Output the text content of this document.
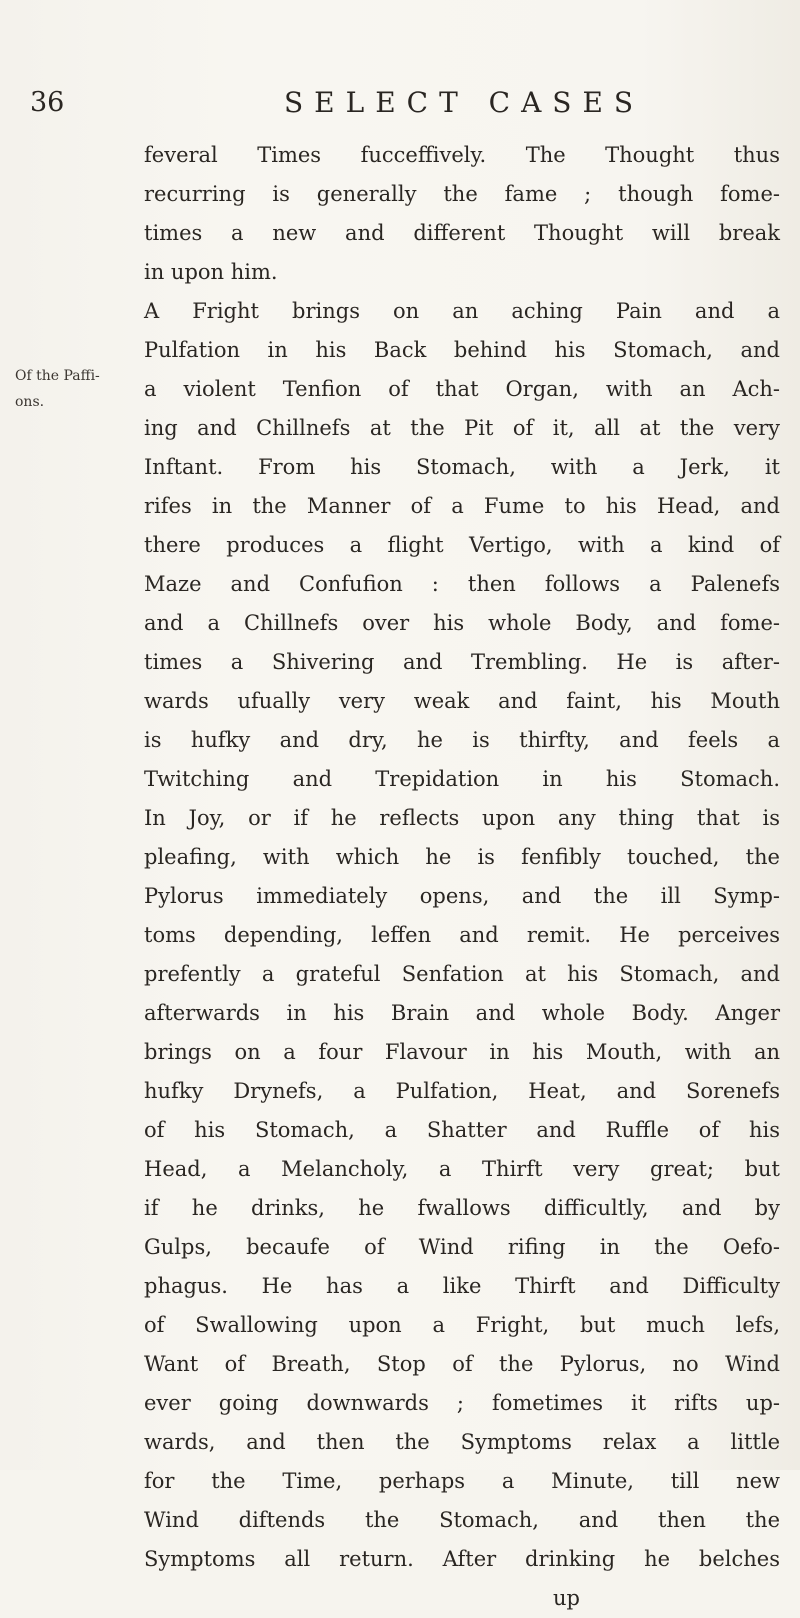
36	SELECT CASES
Of the Paffi-
ons.
feveral Times fucceffively. The Thought thus
recurring is generally the fame ; though fome-
times a new and different Thought will break
in upon him.
A Fright brings on an aching Pain and a
Pulfation in his Back behind his Stomach, and
a violent Tenfion of that Organ, with an Ach-
ing and Chillnefs at the Pit of it, all at the very
Inftant. From his Stomach, with a Jerk, it
rifes in the Manner of a Fume to his Head, and
there produces a flight Vertigo, with a kind of
Maze and Confufion : then follows a Palenefs
and a Chillnefs over his whole Body, and fome-
times a Shivering and Trembling. He is after-
wards ufually very weak and faint, his Mouth
is hufky and dry, he is thirfty, and feels a
Twitching and Trepidation in his Stomach.
In Joy, or if he reflects upon any thing that is
pleafing, with which he is fenfibly touched, the
Pylorus immediately opens, and the ill Symp-
toms depending, leffen and remit. He perceives
prefently a grateful Senfation at his Stomach, and
afterwards in his Brain and whole Body. Anger
brings on a four Flavour in his Mouth, with an
hufky Drynefs, a Pulfation, Heat, and Sorenefs
of his Stomach, a Shatter and Ruffle of his
Head, a Melancholy, a Thirft very great; but
if he drinks, he fwallows difficultly, and by
Gulps, becaufe of Wind rifing in the Oefo-
phagus. He has a like Thirft and Difficulty
of Swallowing upon a Fright, but much lefs,
Want of Breath, Stop of the Pylorus, no Wind
ever going downwards ; fometimes it rifts up-
wards, and then the Symptoms relax a little
for the Time, perhaps a Minute, till new
Wind diftends the Stomach, and then the
Symptoms all return. After drinking he belches
up
